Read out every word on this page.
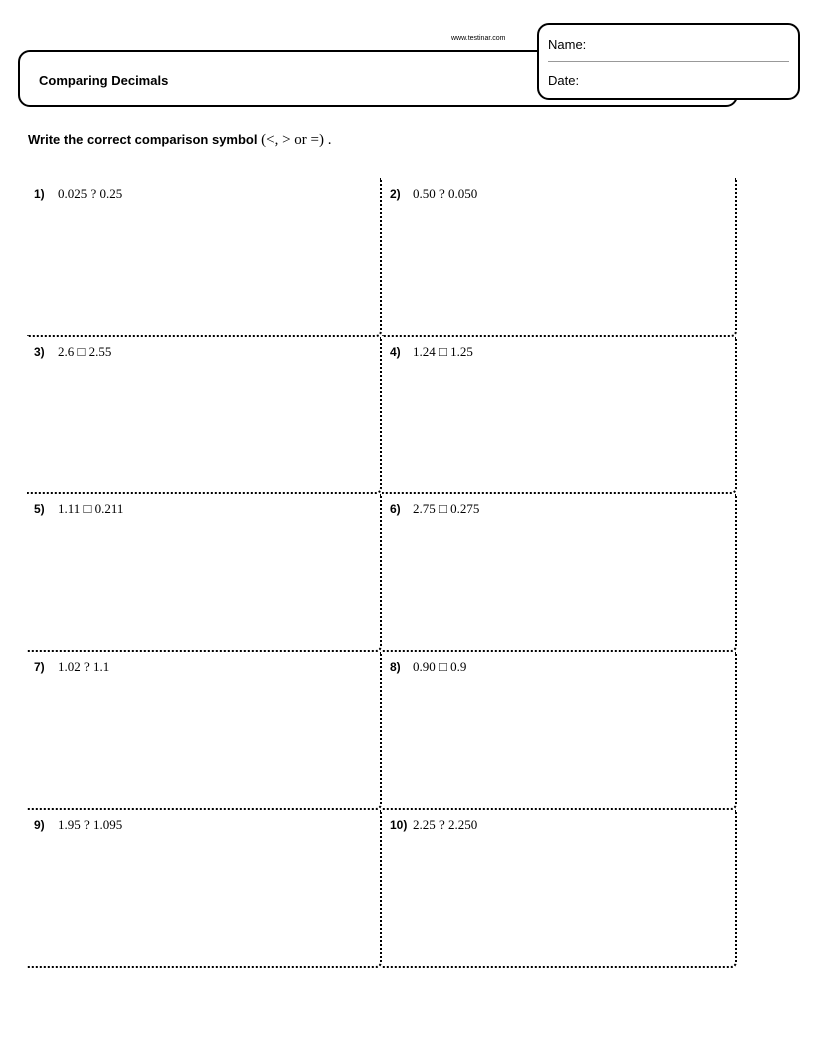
www.testinar.com
Comparing Decimals
Name:
Date:
Write the correct comparison symbol (<, > or =) .
1) 0.025 ? 0.25	2) 0.50 ? 0.050
3) 2.6 □ 2.55	4) 1.24 □ 1.25
5) 1.11 □ 0.211	6) 2.75 □ 0.275
7) 1.02 ? 1.1	8) 0.90 □ 0.9
9) 1.95 ? 1.095	10) 2.25 ? 2.250
